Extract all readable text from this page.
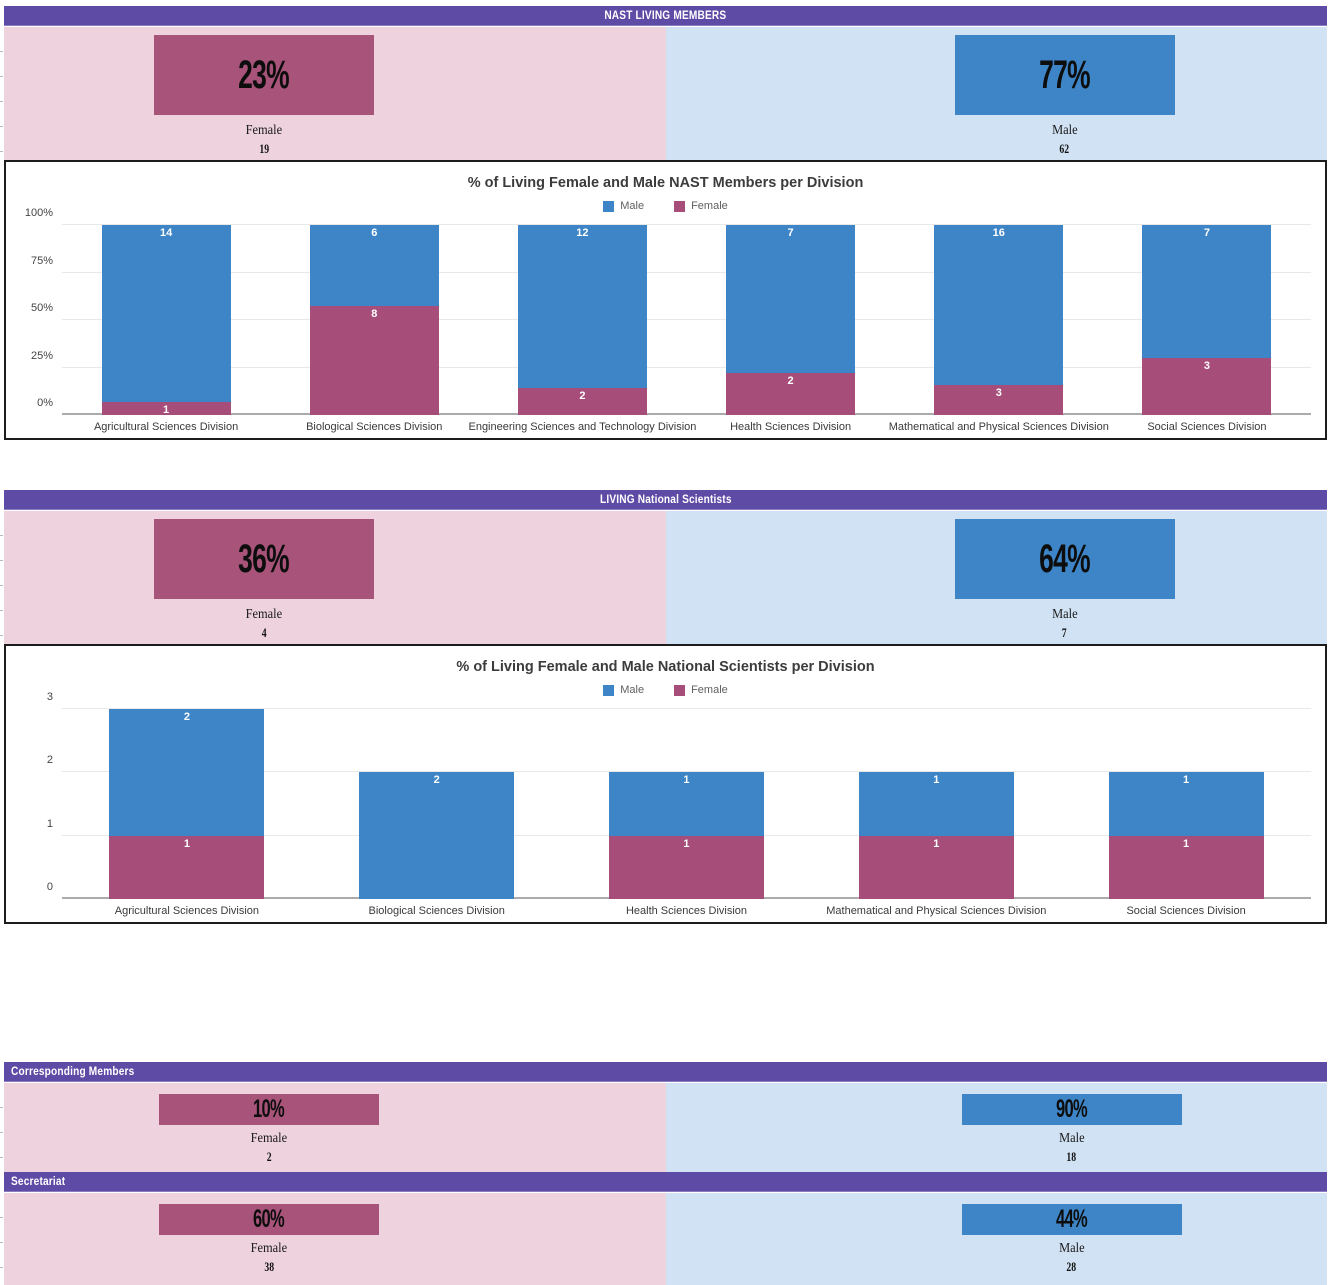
NAST LIVING MEMBERS
23%
Female
19
77%
Male
62
% of Living Female and Male NAST Members per Division
Male	Female
0%
25%
50%
75%
100%
1
14
Agricultural Sciences Division
8
6
Biological Sciences Division
2
12
Engineering Sciences and Technology Division
2
7
Health Sciences Division
3
16
Mathematical and Physical Sciences Division
3
7
Social Sciences Division
LIVING National Scientists
36%
Female
4
64%
Male
7
% of Living Female and Male National Scientists per Division
Male	Female
0
1
2
3
1
2
Agricultural Sciences Division
2
Biological Sciences Division
1
1
Health Sciences Division
1
1
Mathematical and Physical Sciences Division
1
1
Social Sciences Division
Corresponding Members
10%
Female
2
90%
Male
18
Secretariat
60%
Female
38
44%
Male
28
